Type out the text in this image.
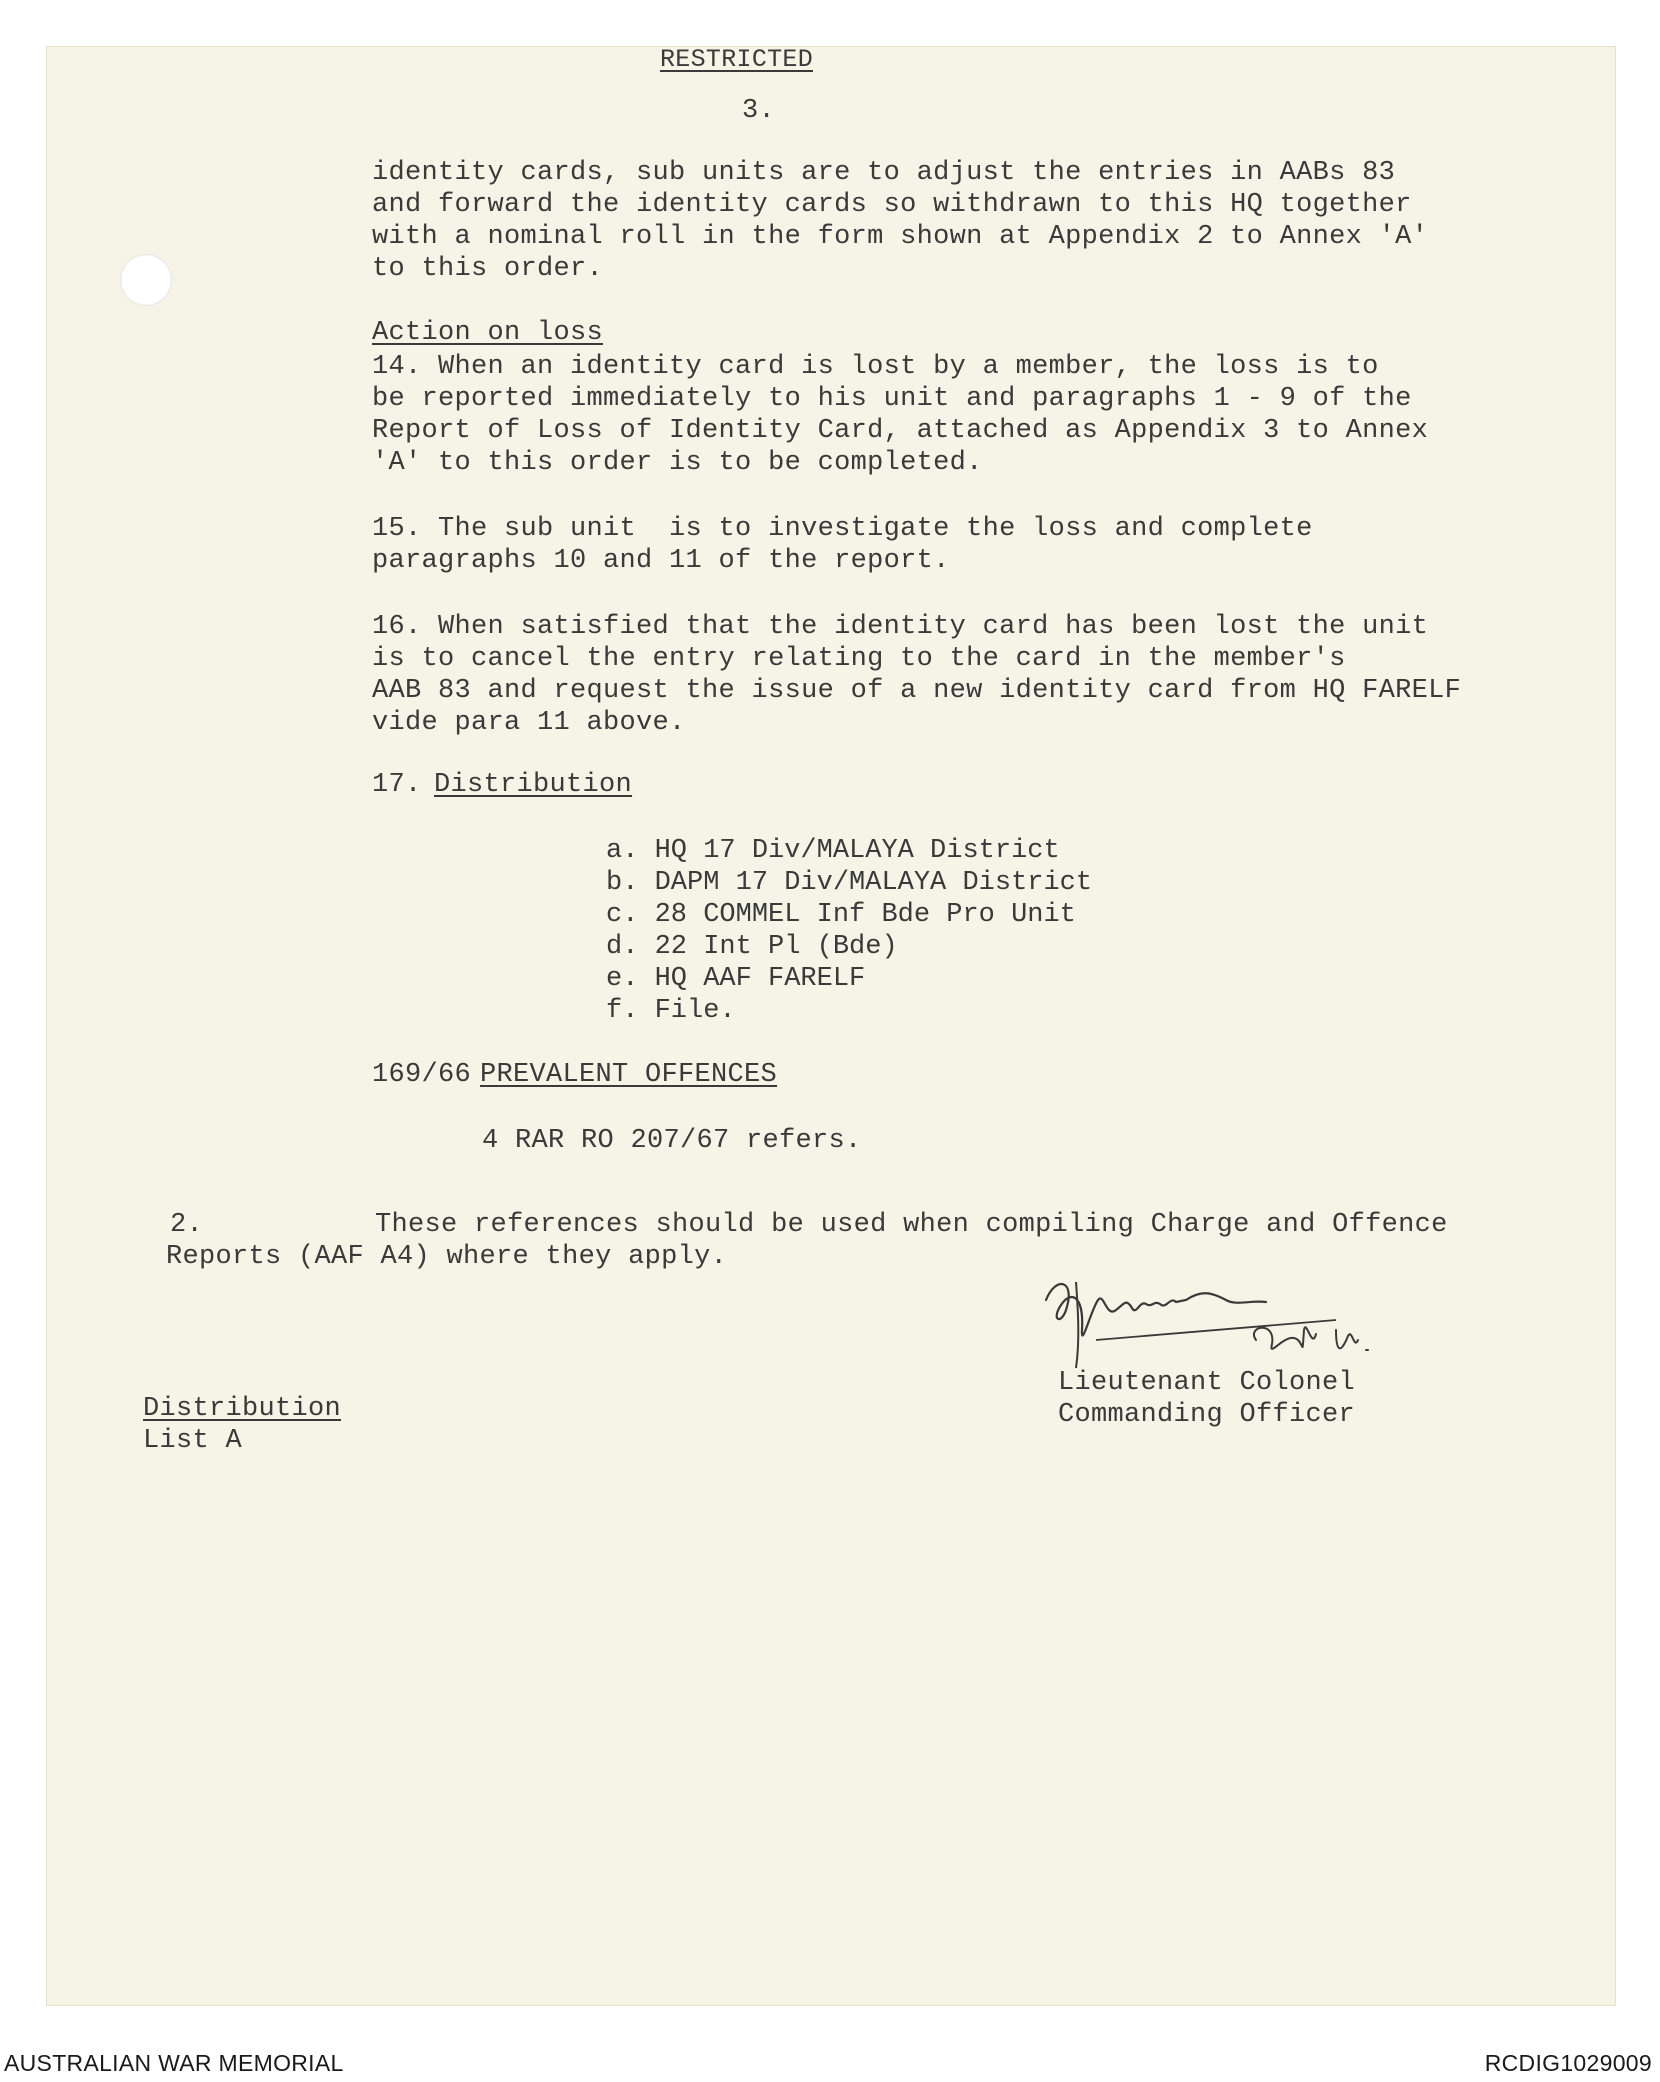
RESTRICTED
3.
identity cards, sub units are to adjust the entries in AABs 83
and forward the identity cards so withdrawn to this HQ together
with a nominal roll in the form shown at Appendix 2 to Annex 'A'
to this order.
Action on loss
14. When an identity card is lost by a member, the loss is to
be reported immediately to his unit and paragraphs 1 - 9 of the
Report of Loss of Identity Card, attached as Appendix 3 to Annex
'A' to this order is to be completed.
15. The sub unit  is to investigate the loss and complete
paragraphs 10 and 11 of the report.
16. When satisfied that the identity card has been lost the unit
is to cancel the entry relating to the card in the member's
AAB 83 and request the issue of a new identity card from HQ FARELF
vide para 11 above.
17. Distribution
a. HQ 17 Div/MALAYA District
b. DAPM 17 Div/MALAYA District
c. 28 COMMEL Inf Bde Pro Unit
d. 22 Int Pl (Bde)
e. HQ AAF FARELF
f. File.
169/66 PREVALENT OFFENCES
4 RAR RO 207/67 refers.
2.	These references should be used when compiling Charge and Offence
Reports (AAF A4) where they apply.
Lieutenant Colonel
Commanding Officer
Distribution
List A
AUSTRALIAN WAR MEMORIAL	RCDIG1029009
